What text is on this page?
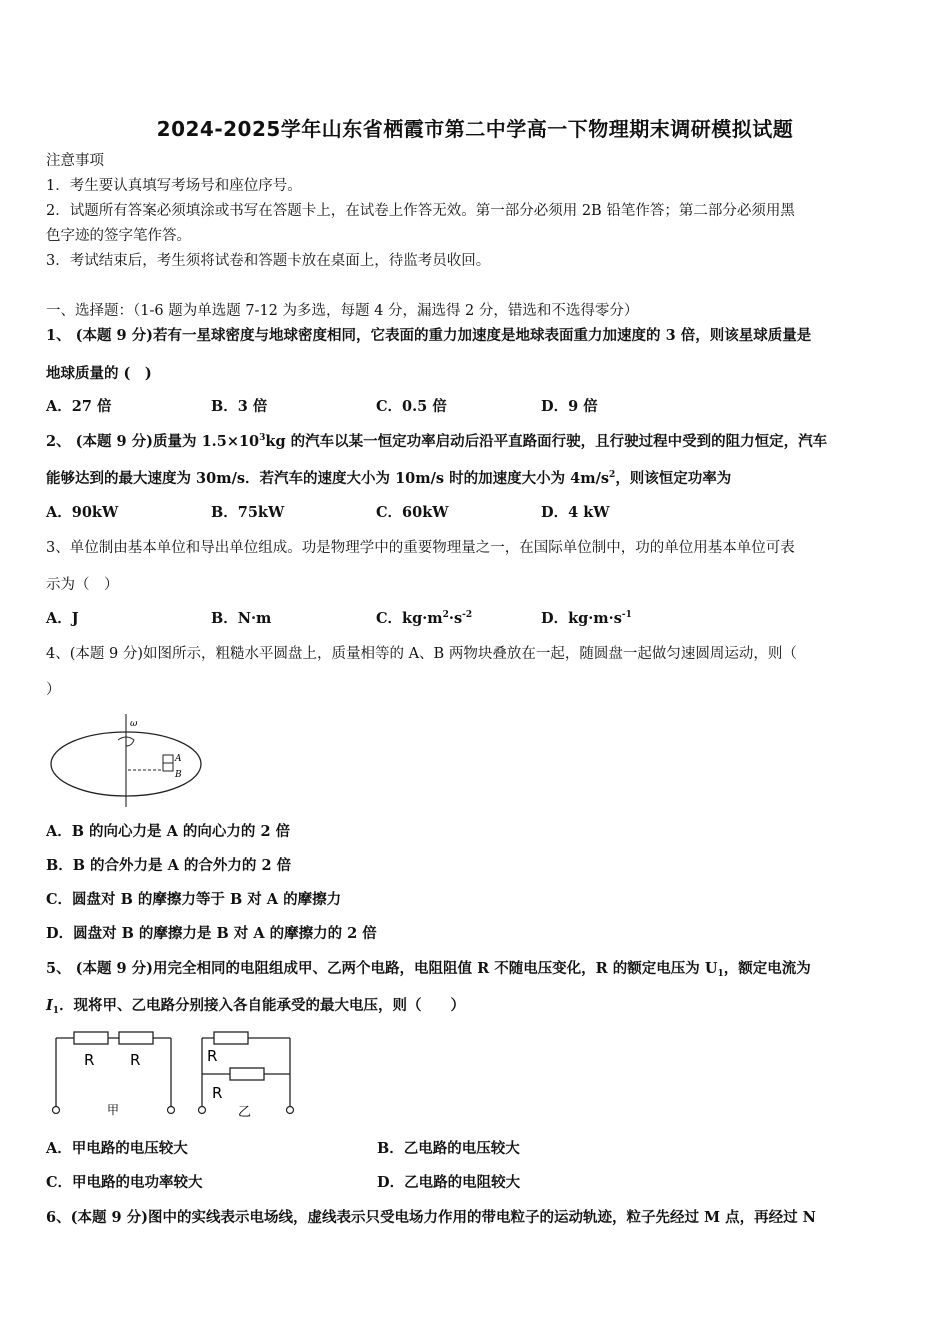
2024-2025学年山东省栖霞市第二中学高一下物理期末调研模拟试题
注意事项
1．考生要认真填写考场号和座位序号。
2．试题所有答案必须填涂或书写在答题卡上，在试卷上作答无效。第一部分必须用 2B 铅笔作答；第二部分必须用黑
色字迹的签字笔作答。
3．考试结束后，考生须将试卷和答题卡放在桌面上，待监考员收回。
一、选择题：（1-6 题为单选题 7-12 为多选，每题 4 分，漏选得 2 分，错选和不选得零分）
1、 (本题 9 分)若有一星球密度与地球密度相同，它表面的重力加速度是地球表面重力加速度的 3 倍，则该星球质量是
地球质量的 (　)
A．27 倍	B．3 倍	C．0.5 倍	D．9 倍
2、 (本题 9 分)质量为 $1.5\times 10^3kg$ 的汽车以某一恒定功率启动后沿平直路面行驶，且行驶过程中受到的阻力恒定，汽车
能够达到的最大速度为 30m/s．若汽车的速度大小为 10m/s 时的加速度大小为 $4m/s^2$，则该恒定功率为
A．90kW	B．75kW	C．60kW	D．4 kW
3、单位制由基本单位和导出单位组成。功是物理学中的重要物理量之一，在国际单位制中，功的单位用基本单位可表
示为（　）
A．J	B．N·m	C．$kg\cdot m^2\cdot s^{-2}$	D．$kg\cdot m\cdot s^{-1}$
4、(本题 9 分)如图所示，粗糙水平圆盘上，质量相等的 A、B 两物块叠放在一起，随圆盘一起做匀速圆周运动，则（
）
ω
A
B
A．B 的向心力是 A 的向心力的 2 倍
B．B 的合外力是 A 的合外力的 2 倍
C．圆盘对 B 的摩擦力等于 B 对 A 的摩擦力
D．圆盘对 B 的摩擦力是 B 对 A 的摩擦力的 2 倍
5、 (本题 9 分)用完全相同的电阻组成甲、乙两个电路，电阻阻值 R 不随电压变化，R 的额定电压为 $U_1$，额定电流为
$I_1$．现将甲、乙电路分别接入各自能承受的最大电压，则（　　）
R R
甲
R
R
乙
A．甲电路的电压较大	B．乙电路的电压较大
C．甲电路的电功率较大	D．乙电路的电阻较大
6、(本题 9 分)图中的实线表示电场线，虚线表示只受电场力作用的带电粒子的运动轨迹，粒子先经过 M 点，再经过 N
